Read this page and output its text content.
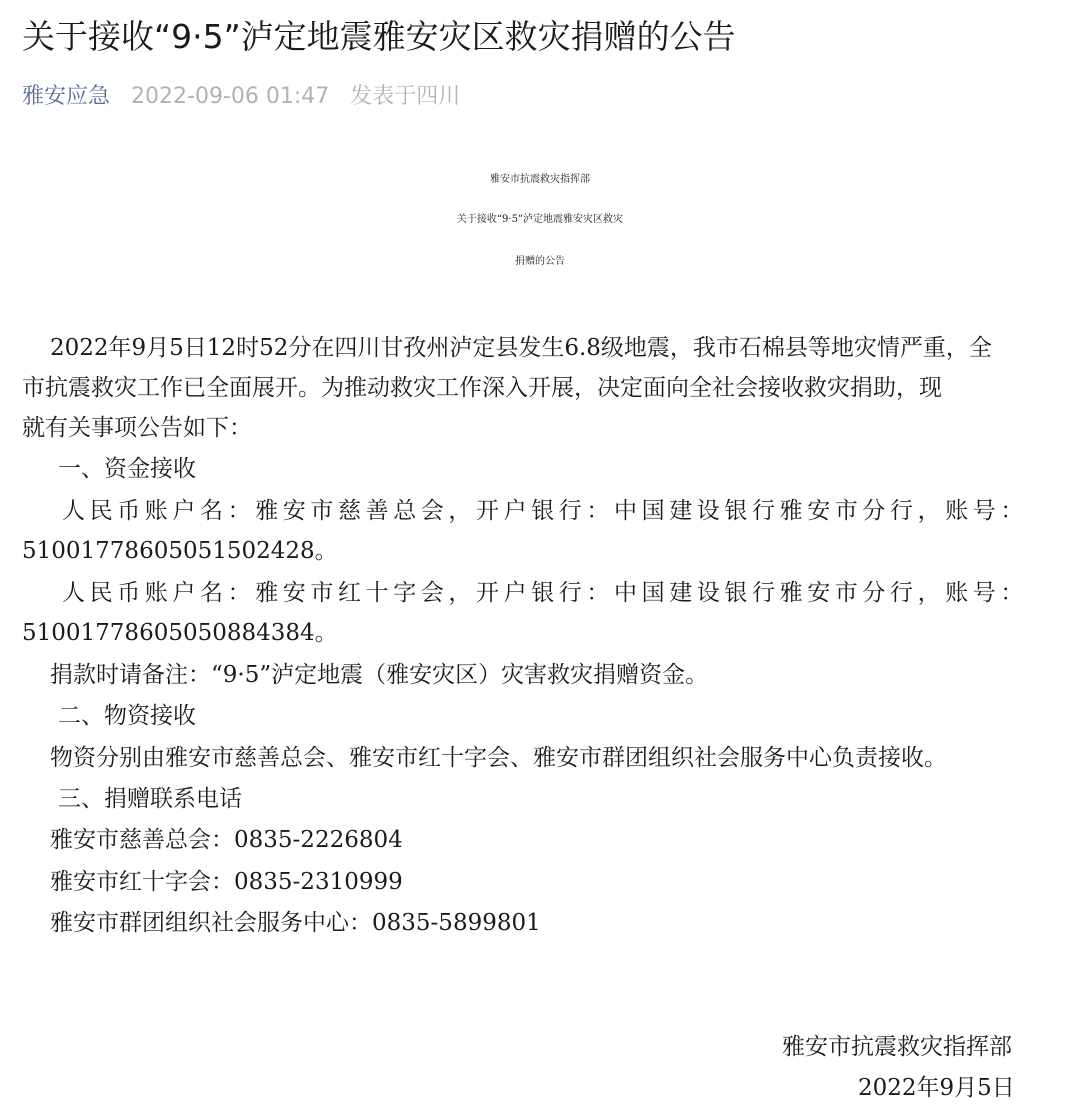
关于接收“9·5”泸定地震雅安灾区救灾捐赠的公告
雅安应急 2022-09-06 01:47 发表于四川

雅安市抗震救灾指挥部

关于接收“9·5”泸定地震雅安灾区救灾

捐赠的公告

2022年9月5日12时52分在四川甘孜州泸定县发生6.8级地震，我市石棉县等地灾情严重，全

市抗震救灾工作已全面展开。为推动救灾工作深入开展，决定面向全社会接收救灾捐助，现

就有关事项公告如下：

一、资金接收

人民币账户名：雅安市慈善总会，开户银行：中国建设银行雅安市分行，账号：

51001778605051502428。

人民币账户名：雅安市红十字会，开户银行：中国建设银行雅安市分行，账号：

51001778605050884384。

捐款时请备注：“9·5”泸定地震（雅安灾区）灾害救灾捐赠资金。

二、物资接收

物资分别由雅安市慈善总会、雅安市红十字会、雅安市群团组织社会服务中心负责接收。

三、捐赠联系电话

雅安市慈善总会：0835-2226804

雅安市红十字会：0835-2310999

雅安市群团组织社会服务中心：0835-5899801

雅安市抗震救灾指挥部

2022年9月5日
